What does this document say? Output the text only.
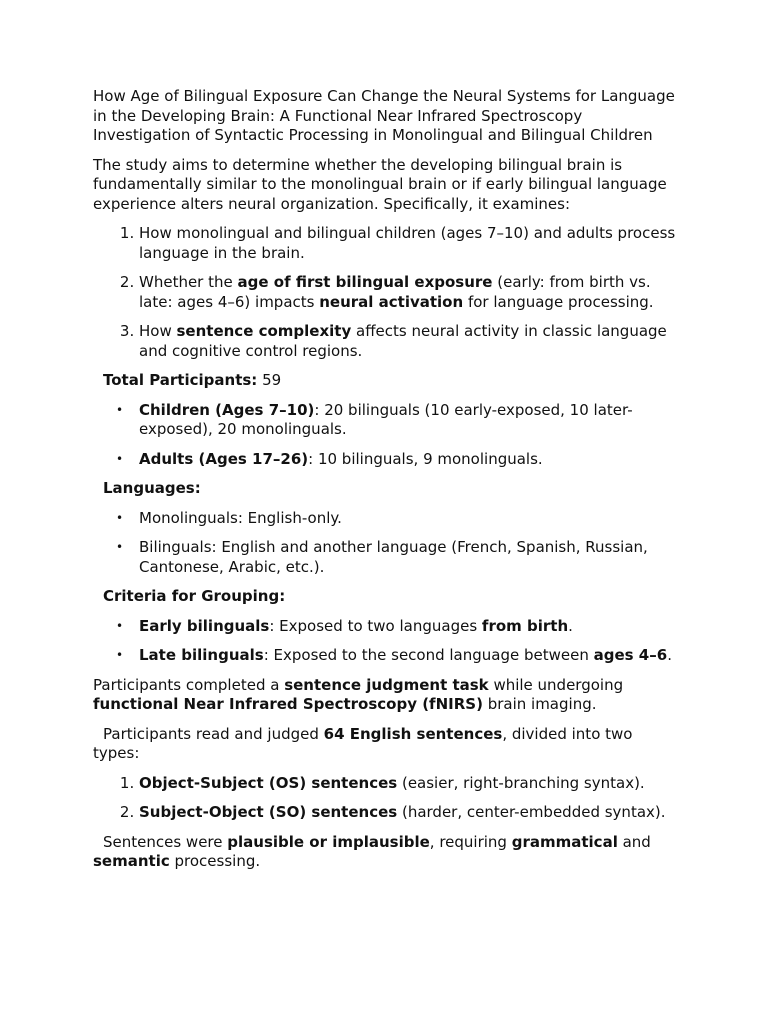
How Age of Bilingual Exposure Can Change the Neural Systems for Language in the Developing Brain: A Functional Near Infrared Spectroscopy Investigation of Syntactic Processing in Monolingual and Bilingual Children

The study aims to determine whether the developing bilingual brain is fundamentally similar to the monolingual brain or if early bilingual language experience alters neural organization. Specifically, it examines:

1. How monolingual and bilingual children (ages 7–10) and adults process language in the brain.
2. Whether the age of first bilingual exposure (early: from birth vs. late: ages 4–6) impacts neural activation for language processing.
3. How sentence complexity affects neural activity in classic language and cognitive control regions.

Total Participants: 59

• Children (Ages 7–10): 20 bilinguals (10 early-exposed, 10 later-exposed), 20 monolinguals.
• Adults (Ages 17–26): 10 bilinguals, 9 monolinguals.

Languages:

• Monolinguals: English-only.
• Bilinguals: English and another language (French, Spanish, Russian, Cantonese, Arabic, etc.).

Criteria for Grouping:

• Early bilinguals: Exposed to two languages from birth.
• Late bilinguals: Exposed to the second language between ages 4–6.

Participants completed a sentence judgment task while undergoing functional Near Infrared Spectroscopy (fNIRS) brain imaging.

Participants read and judged 64 English sentences, divided into two types:

1. Object-Subject (OS) sentences (easier, right-branching syntax).
2. Subject-Object (SO) sentences (harder, center-embedded syntax).

Sentences were plausible or implausible, requiring grammatical and semantic processing.
